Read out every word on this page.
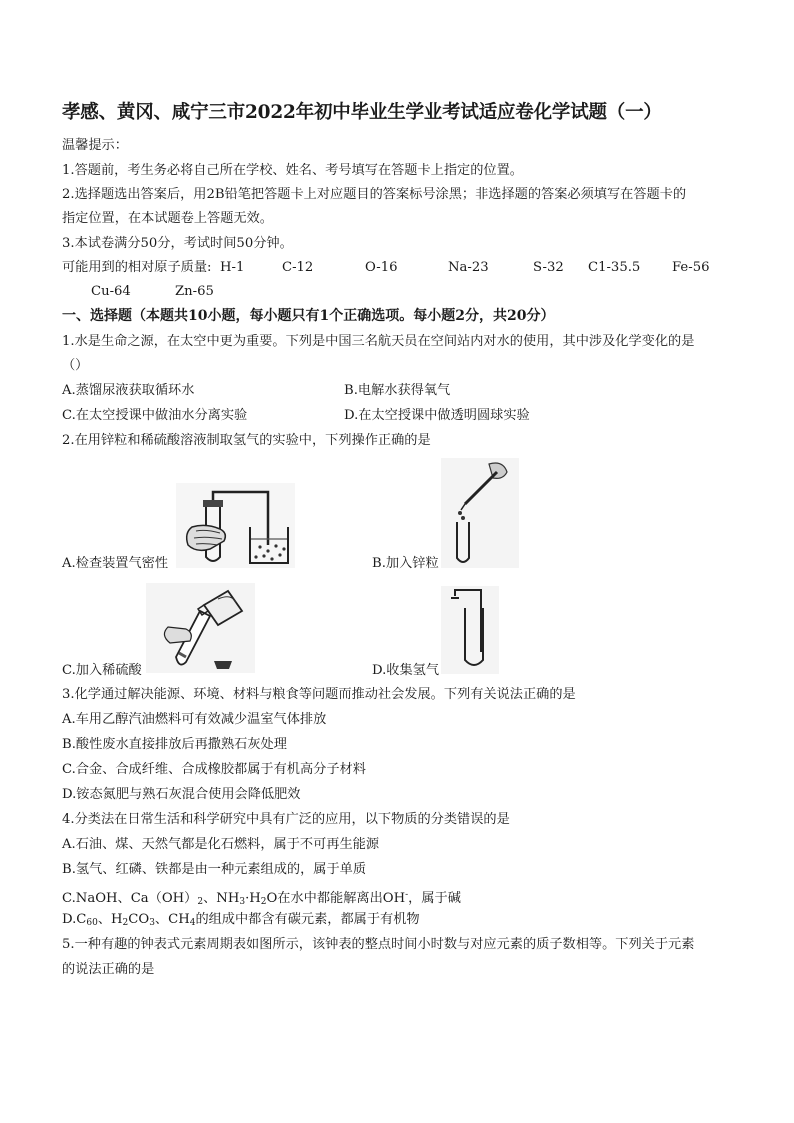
孝感、黄冈、咸宁三市2022年初中毕业生学业考试适应卷化学试题（一）
温馨提示：
1.答题前，考生务必将自己所在学校、姓名、考号填写在答题卡上指定的位置。
2.选择题选出答案后，用2B铅笔把答题卡上对应题目的答案标号涂黑；非选择题的答案必须填写在答题卡的
指定位置，在本试题卷上答题无效。
3.本试卷满分50分，考试时间50分钟。
可能用到的相对原子质量: H-1	C-12	O-16	Na-23	S-32 C1-35.5 Fe-56
Cu-64	Zn-65
一、选择题（本题共10小题，每小题只有1个正确选项。每小题2分，共20分）
1.水是生命之源，在太空中更为重要。下列是中国三名航天员在空间站内对水的使用，其中涉及化学变化的是
（）
A.蒸馏尿液获取循环水	B.电解水获得氧气
C.在太空授课中做油水分离实验	D.在太空授课中做透明圆球实验
2.在用锌粒和稀硫酸溶液制取氢气的实验中，下列操作正确的是
A.检查装置气密性	B.加入锌粒
C.加入稀硫酸	D.收集氢气
3.化学通过解决能源、环境、材料与粮食等问题而推动社会发展。下列有关说法正确的是
A.车用乙醇汽油燃料可有效减少温室气体排放
B.酸性废水直接排放后再撒熟石灰处理
C.合金、合成纤维、合成橡胶都属于有机高分子材料
D.铵态氮肥与熟石灰混合使用会降低肥效
4.分类法在日常生活和科学研究中具有广泛的应用，以下物质的分类错误的是
A.石油、煤、天然气都是化石燃料，属于不可再生能源
B.氢气、红磷、铁都是由一种元素组成的，属于单质
C.NaOH、$Ca(OH)_2$、$NH_3\cdot H_2O$在水中都能解离出OH-，属于碱
$D.C_{60}$、$H_2CO_3$、$CH_4$的组成中都含有碳元素，都属于有机物
5.一种有趣的钟表式元素周期表如图所示，该钟表的整点时间小时数与对应元素的质子数相等。下列关于元素
的说法正确的是
